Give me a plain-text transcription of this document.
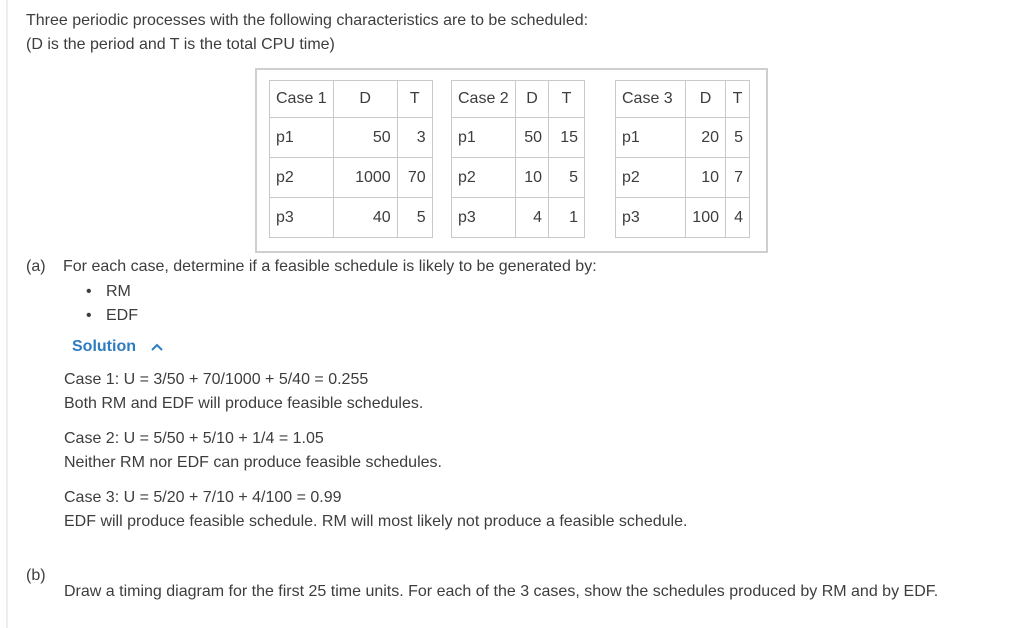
Three periodic processes with the following characteristics are to be scheduled:
(D is the period and T is the total CPU time)
Case 1	D	T
p1	50	3
p2	1000	70
p3	40	5
Case 2	D	T
p1	50	15
p2	10	5
p3	4	1
Case 3	D	T
p1	20	5
p2	10	7
p3	100	4
(a) For each case, determine if a feasible schedule is likely to be generated by:
• RM
• EDF
Solution
Case 1: U = 3/50 + 70/1000 + 5/40 = 0.255
Both RM and EDF will produce feasible schedules.
Case 2: U = 5/50 + 5/10 + 1/4 = 1.05
Neither RM nor EDF can produce feasible schedules.
Case 3: U = 5/20 + 7/10 + 4/100 = 0.99
EDF will produce feasible schedule. RM will most likely not produce a feasible schedule.
(b)
Draw a timing diagram for the first 25 time units. For each of the 3 cases, show the schedules produced by RM and by EDF.
